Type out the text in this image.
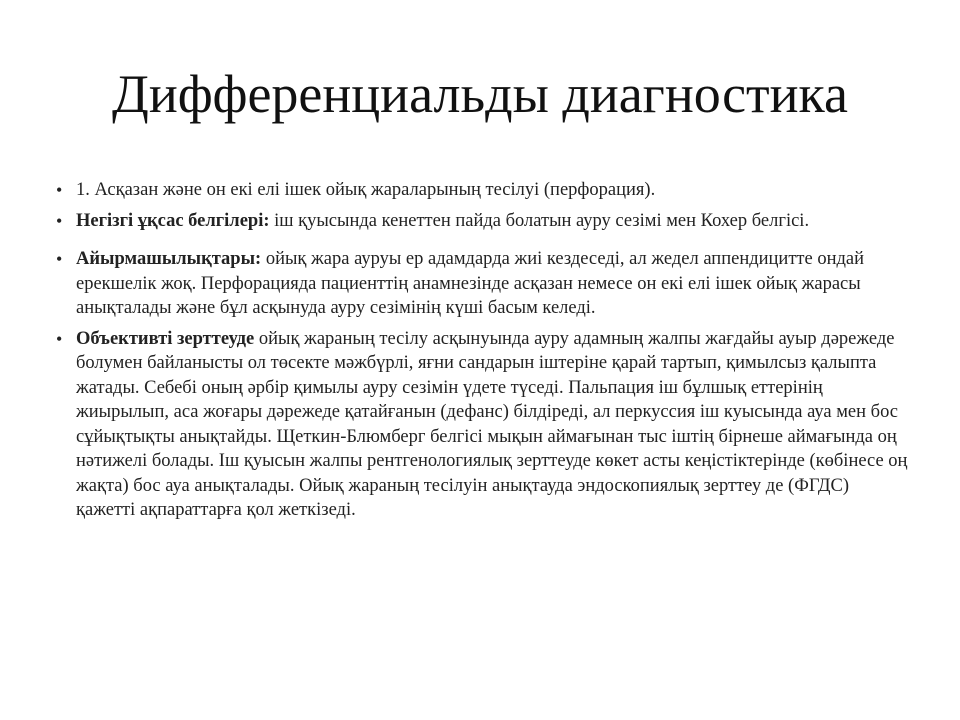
Дифференциальды диагностика
• 1. Асқазан және он екі елі ішек ойық жараларының тесілуі (перфорация).
• Негізгі ұқсас белгілері: іш қуысында кенеттен пайда болатын ауру сезімі мен Кохер белгісі.
• Айырмашылықтары: ойық жара ауруы ер адамдарда жиі кездеседі, ал жедел аппендицитте ондай ерекшелік жоқ. Перфорацияда пациенттің анамнезінде асқазан немесе он екі елі ішек ойық жарасы анықталады және бұл асқынуда ауру сезімінің күші басым келеді.
• Объективті зерттеуде ойық жараның тесілу асқынуында ауру адамның жалпы жағдайы ауыр дәрежеде болумен байланысты ол төсекте мәжбүрлі, яғни сандарын іштеріне қарай тартып, қимылсыз қалыпта жатады. Себебі оның әрбір қимылы ауру сезімін үдете түседі. Пальпация іш бұлшық еттерінің жиырылып, аса жоғары дәрежеде қатайғанын (дефанс) білдіреді, ал перкуссия іш куысында ауа мен бос сұйықтықты анықтайды. Щеткин-Блюмберг белгісі мықын аймағынан тыс іштің бірнеше аймағында оң нәтижелі болады. Іш қуысын жалпы рентгенологиялық зерттеуде көкет асты кеңістіктерінде (көбінесе оң жақта) бос ауа анықталады. Ойық жараның тесілуін анықтауда эндоскопиялық зерттеу де (ФГДС) қажетті ақпараттарға қол жеткізеді.
